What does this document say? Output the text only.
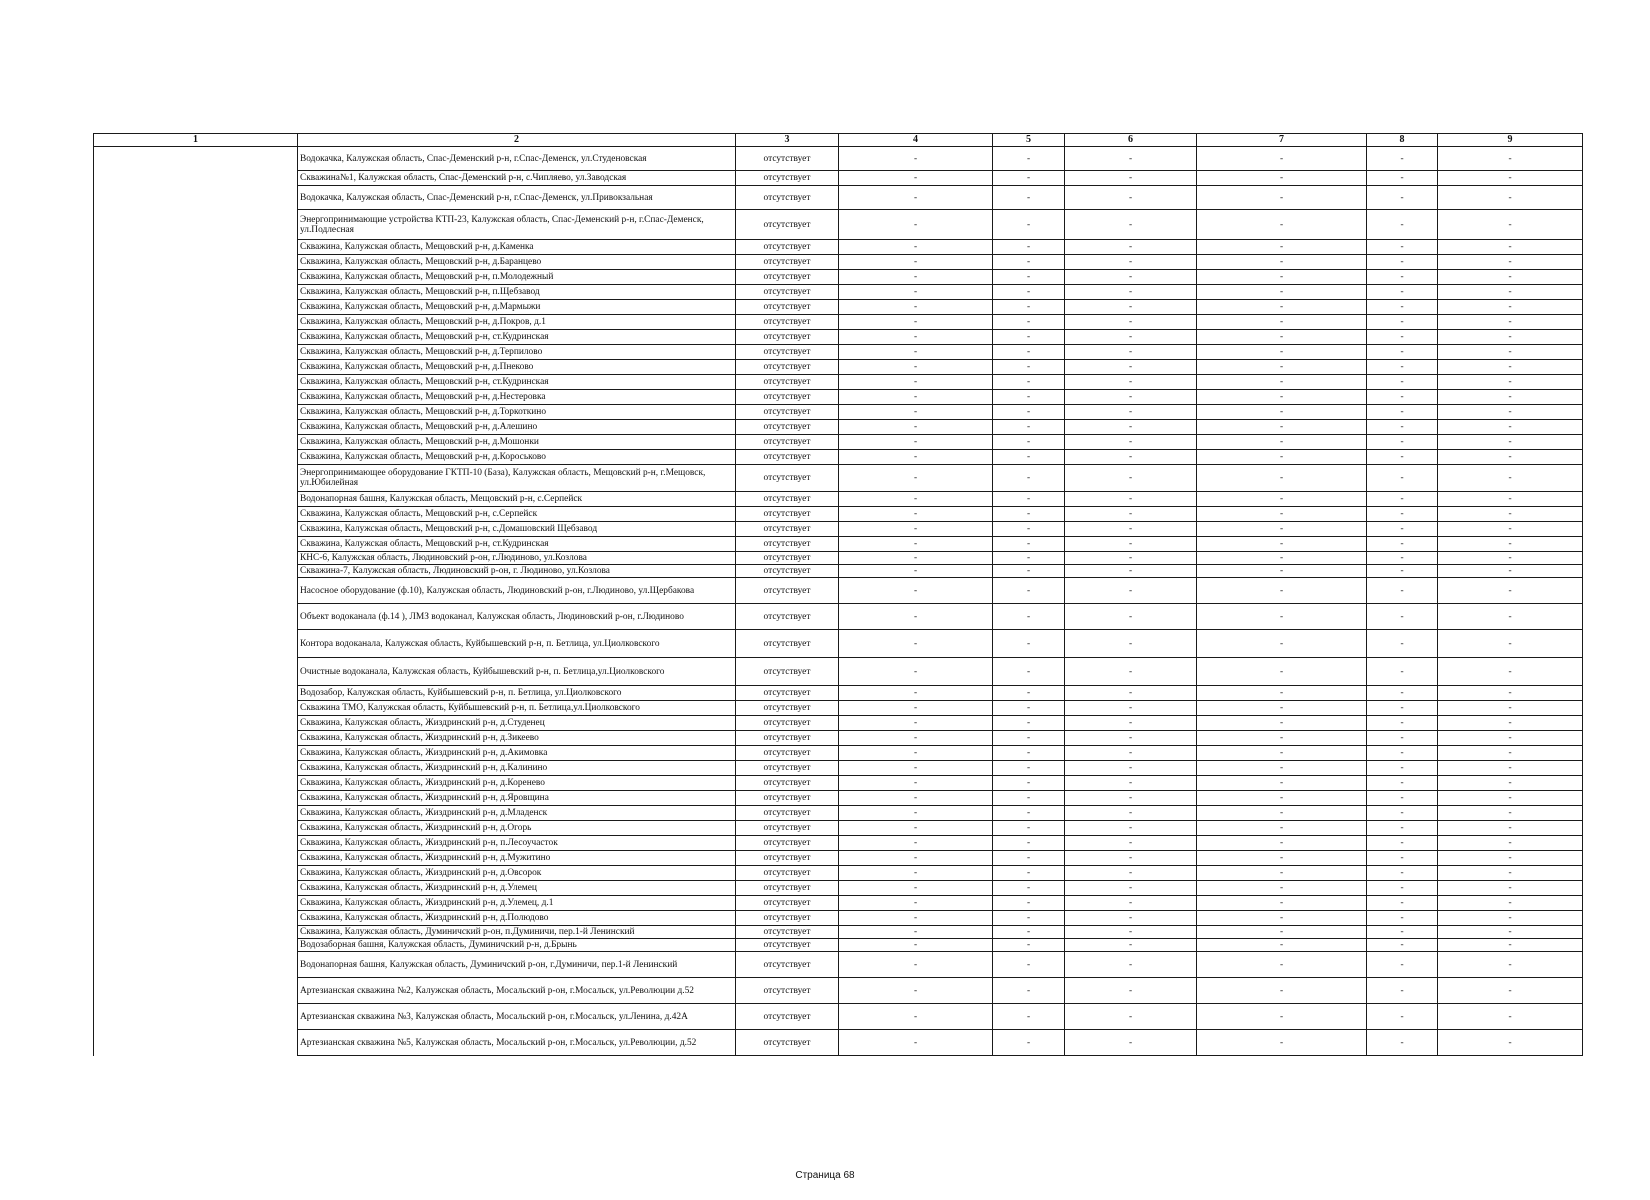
1	2	3	4	5	6	7	8	9
	Водокачка, Калужская область, Спас-Деменский р-н, г.Спас-Деменск, ул.Студеновская	отсутствует	-	-	-	-	-	-
	Скважина№1, Калужская область, Спас-Деменский р-н, с.Чипляево, ул.Заводская	отсутствует	-	-	-	-	-	-
	Водокачка, Калужская область, Спас-Деменский р-н, г.Спас-Деменск, ул.Привокзальная	отсутствует	-	-	-	-	-	-
	Энергопринимающие устройства КТП-23, Калужская область, Спас-Деменский р-н, г.Спас-Деменск, ул.Подлесная	отсутствует	-	-	-	-	-	-
	Скважина, Калужская область, Мещовский р-н, д.Каменка	отсутствует	-	-	-	-	-	-
	Скважина, Калужская область, Мещовский р-н, д.Баранцево	отсутствует	-	-	-	-	-	-
	Скважина, Калужская область, Мещовский р-н, п.Молодежный	отсутствует	-	-	-	-	-	-
	Скважина, Калужская область, Мещовский р-н, п.Щебзавод	отсутствует	-	-	-	-	-	-
	Скважина, Калужская область, Мещовский р-н, д.Мармыжи	отсутствует	-	-	-	-	-	-
	Скважина, Калужская область, Мещовский р-н, д.Покров, д.1	отсутствует	-	-	-	-	-	-
	Скважина, Калужская область, Мещовский р-н, ст.Кудринская	отсутствует	-	-	-	-	-	-
	Скважина, Калужская область, Мещовский р-н, д.Терпилово	отсутствует	-	-	-	-	-	-
	Скважина, Калужская область, Мещовский р-н, д.Пнеково	отсутствует	-	-	-	-	-	-
	Скважина, Калужская область, Мещовский р-н, ст.Кудринская	отсутствует	-	-	-	-	-	-
	Скважина, Калужская область, Мещовский р-н, д.Нестеровка	отсутствует	-	-	-	-	-	-
	Скважина, Калужская область, Мещовский р-н, д.Торкоткино	отсутствует	-	-	-	-	-	-
	Скважина, Калужская область, Мещовский р-н, д.Алешино	отсутствует	-	-	-	-	-	-
	Скважина, Калужская область, Мещовский р-н, д.Мошонки	отсутствует	-	-	-	-	-	-
	Скважина, Калужская область, Мещовский р-н, д.Короськово	отсутствует	-	-	-	-	-	-
	Энергопринимающее оборудование ГКТП-10 (База), Калужская область, Мещовский р-н, г.Мещовск, ул.Юбилейная	отсутствует	-	-	-	-	-	-
	Водонапорная башня, Калужская область, Мещовский р-н, с.Серпейск	отсутствует	-	-	-	-	-	-
	Скважина, Калужская область, Мещовский р-н, с.Серпейск	отсутствует	-	-	-	-	-	-
	Скважина, Калужская область, Мещовский р-н, с.Домашовский Щебзавод	отсутствует	-	-	-	-	-	-
	Скважина, Калужская область, Мещовский р-н, ст.Кудринская	отсутствует	-	-	-	-	-	-
	КНС-6, Калужская область, Людиновский р-он, г.Людиново, ул.Козлова	отсутствует	-	-	-	-	-	-
	Скважина-7, Калужская область, Людиновский р-он, г. Людиново, ул.Козлова	отсутствует	-	-	-	-	-	-
	Насосное оборудование (ф.10), Калужская область, Людиновский р-он, г.Людиново, ул.Щербакова	отсутствует	-	-	-	-	-	-
	Объект водоканала (ф.14 ), ЛМЗ водоканал, Калужская область, Людиновский р-он, г.Людиново	отсутствует	-	-	-	-	-	-
	Контора водоканала, Калужская область, Куйбышевский р-н, п. Бетлица, ул.Циолковского	отсутствует	-	-	-	-	-	-
	Очистные водоканала, Калужская область, Куйбышевский р-н, п. Бетлица,ул.Циолковского	отсутствует	-	-	-	-	-	-
	Водозабор, Калужская область, Куйбышевский р-н, п. Бетлица, ул.Циолковского	отсутствует	-	-	-	-	-	-
	Скважина ТМО, Калужская область, Куйбышевский р-н, п. Бетлица,ул.Циолковского	отсутствует	-	-	-	-	-	-
	Скважина, Калужская область, Жиздринский р-н, д.Студенец	отсутствует	-	-	-	-	-	-
	Скважина, Калужская область, Жиздринский р-н, д.Зикеево	отсутствует	-	-	-	-	-	-
	Скважина, Калужская область, Жиздринский р-н, д.Акимовка	отсутствует	-	-	-	-	-	-
	Скважина, Калужская область, Жиздринский р-н, д.Калинино	отсутствует	-	-	-	-	-	-
	Скважина, Калужская область, Жиздринский р-н, д.Коренево	отсутствует	-	-	-	-	-	-
	Скважина, Калужская область, Жиздринский р-н, д.Яровщина	отсутствует	-	-	-	-	-	-
	Скважина, Калужская область, Жиздринский р-н, д.Младенск	отсутствует	-	-	-	-	-	-
	Скважина, Калужская область, Жиздринский р-н, д.Огорь	отсутствует	-	-	-	-	-	-
	Скважина, Калужская область, Жиздринский р-н, п.Лесоучасток	отсутствует	-	-	-	-	-	-
	Скважина, Калужская область, Жиздринский р-н, д.Мужитино	отсутствует	-	-	-	-	-	-
	Скважина, Калужская область, Жиздринский р-н, д.Овсорок	отсутствует	-	-	-	-	-	-
	Скважина, Калужская область, Жиздринский р-н, д.Улемец	отсутствует	-	-	-	-	-	-
	Скважина, Калужская область, Жиздринский р-н, д.Улемец, д.1	отсутствует	-	-	-	-	-	-
	Скважина, Калужская область, Жиздринский р-н, д.Полюдово	отсутствует	-	-	-	-	-	-
	Скважина, Калужская область, Думиничский р-он, п.Думиничи, пер.1-й Ленинский	отсутствует	-	-	-	-	-	-
	Водозаборная башня, Калужская область, Думиничский р-н, д.Брынь	отсутствует	-	-	-	-	-	-
	Водонапорная башня, Калужская область, Думиничский р-он, г.Думиничи, пер.1-й Ленинский	отсутствует	-	-	-	-	-	-
	Артезианская скважина №2, Калужская область, Мосальский р-он, г.Мосальск, ул.Революции д.52	отсутствует	-	-	-	-	-	-
	Артезианская скважина №3, Калужская область, Мосальский р-он, г.Мосальск, ул.Ленина, д.42А	отсутствует	-	-	-	-	-	-
	Артезианская скважина №5, Калужская область, Мосальский р-он, г.Мосальск, ул.Революции, д.52	отсутствует	-	-	-	-	-	-
Страница 68
